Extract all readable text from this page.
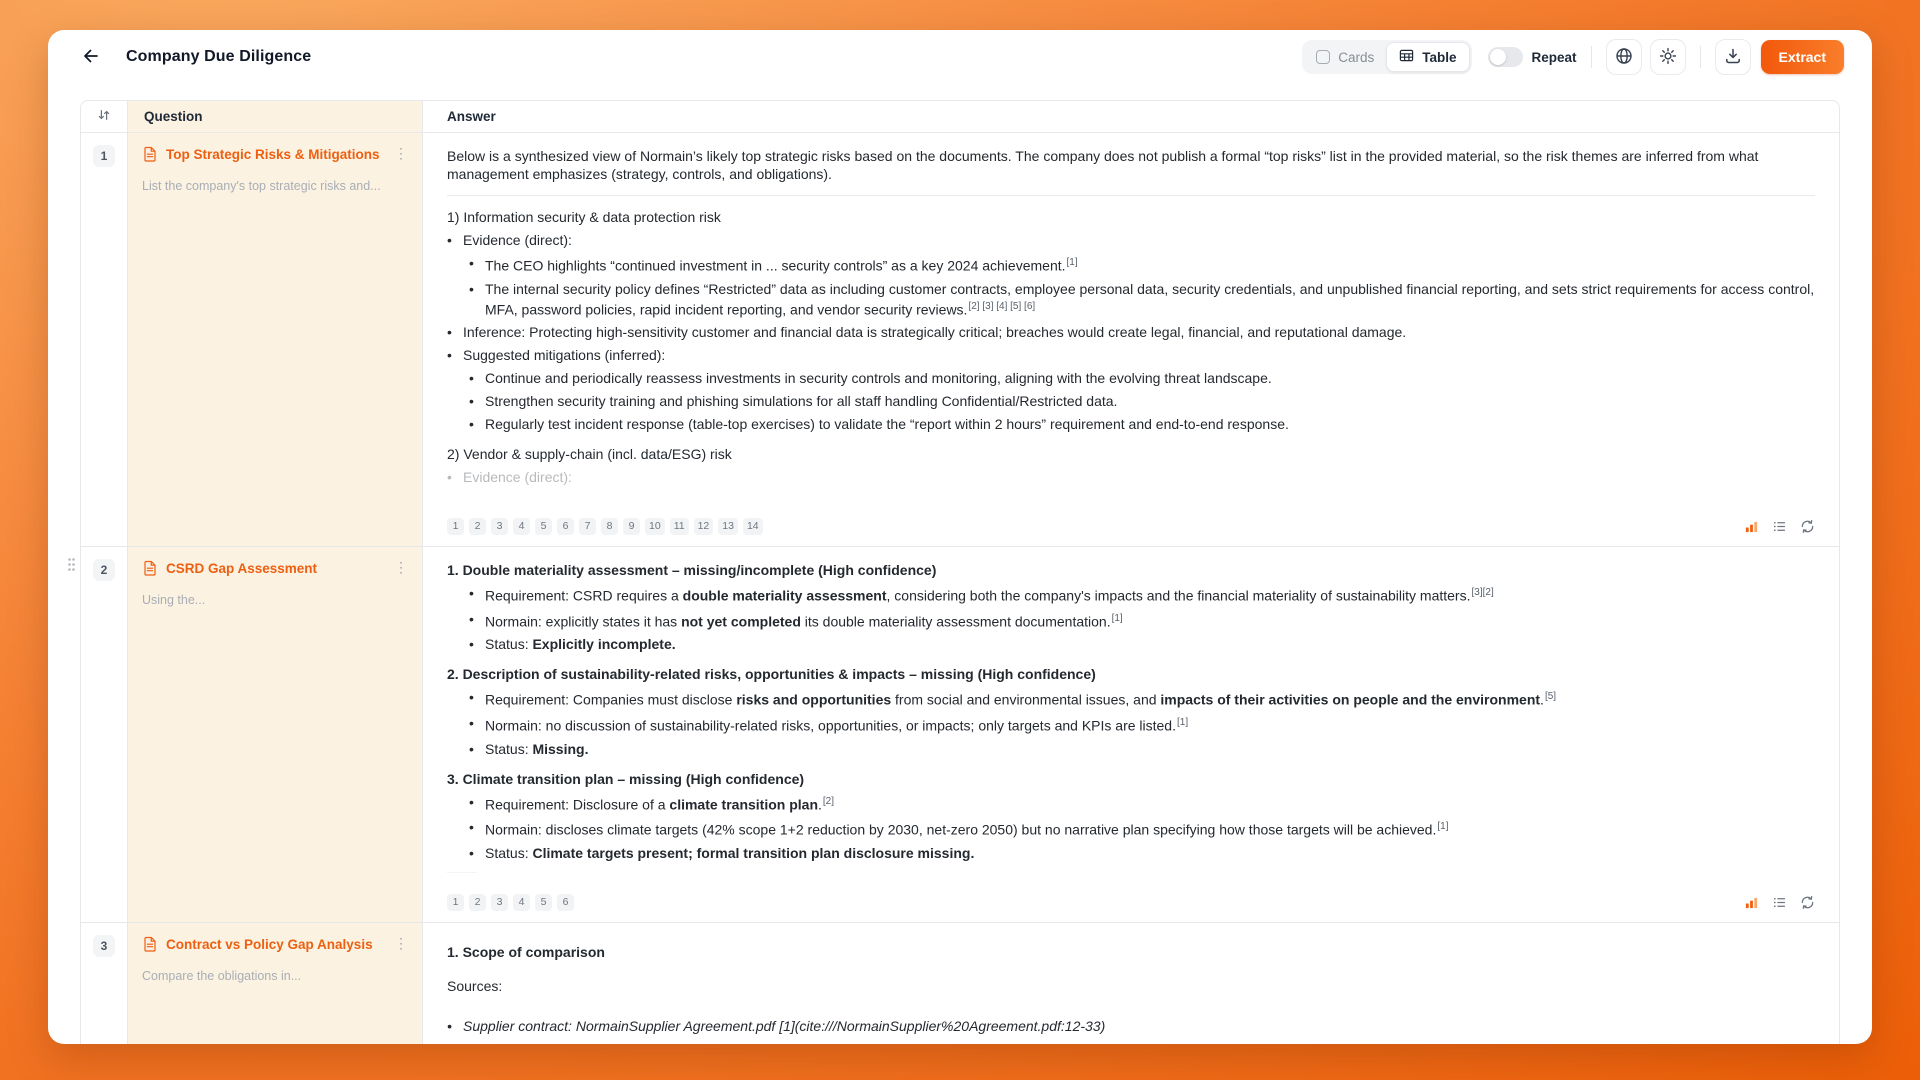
Company Due Diligence	Cards	Table	Repeat	Extract
Question	Answer
1	Top Strategic Risks & Mitigations	⋮
List the company's top strategic risks and...
Below is a synthesized view of Normain’s likely top strategic risks based on the documents. The company does not publish a formal “top risks” list in the provided material, so the risk themes are inferred from what management emphasizes (strategy, controls, and obligations).
1) Information security & data protection risk
• Evidence (direct):
• The CEO highlights “continued investment in ... security controls” as a key 2024 achievement.[1]
• The internal security policy defines “Restricted” data as including customer contracts, employee personal data, security credentials, and unpublished financial reporting, and sets strict requirements for access control, MFA, password policies, rapid incident reporting, and vendor security reviews.[2] [3] [4] [5] [6]
• Inference: Protecting high-sensitivity customer and financial data is strategically critical; breaches would create legal, financial, and reputational damage.
• Suggested mitigations (inferred):
• Continue and periodically reassess investments in security controls and monitoring, aligning with the evolving threat landscape.
• Strengthen security training and phishing simulations for all staff handling Confidential/Restricted data.
• Regularly test incident response (table-top exercises) to validate the “report within 2 hours” requirement and end-to-end response.
2) Vendor & supply-chain (incl. data/ESG) risk
• Evidence (direct):
1	2	3	4	5	6	7	8	9	10	11	12	13	14
2	CSRD Gap Assessment	⋮
Using the...
1. Double materiality assessment – missing/incomplete (High confidence)
• Requirement: CSRD requires a double materiality assessment, considering both the company's impacts and the financial materiality of sustainability matters.[3][2]
• Normain: explicitly states it has not yet completed its double materiality assessment documentation.[1]
• Status: Explicitly incomplete.
2. Description of sustainability-related risks, opportunities & impacts – missing (High confidence)
• Requirement: Companies must disclose risks and opportunities from social and environmental issues, and impacts of their activities on people and the environment.[5]
• Normain: no discussion of sustainability-related risks, opportunities, or impacts; only targets and KPIs are listed.[1]
• Status: Missing.
3. Climate transition plan – missing (High confidence)
• Requirement: Disclosure of a climate transition plan.[2]
• Normain: discloses climate targets (42% scope 1+2 reduction by 2030, net-zero 2050) but no narrative plan specifying how those targets will be achieved.[1]
• Status: Climate targets present; formal transition plan disclosure missing.
1	2	3	4	5	6
3	Contract vs Policy Gap Analysis	⋮
Compare the obligations in...
1. Scope of comparison
Sources:
• Supplier contract: NormainSupplier Agreement.pdf [1](cite:///NormainSupplier%20Agreement.pdf:12-33)
